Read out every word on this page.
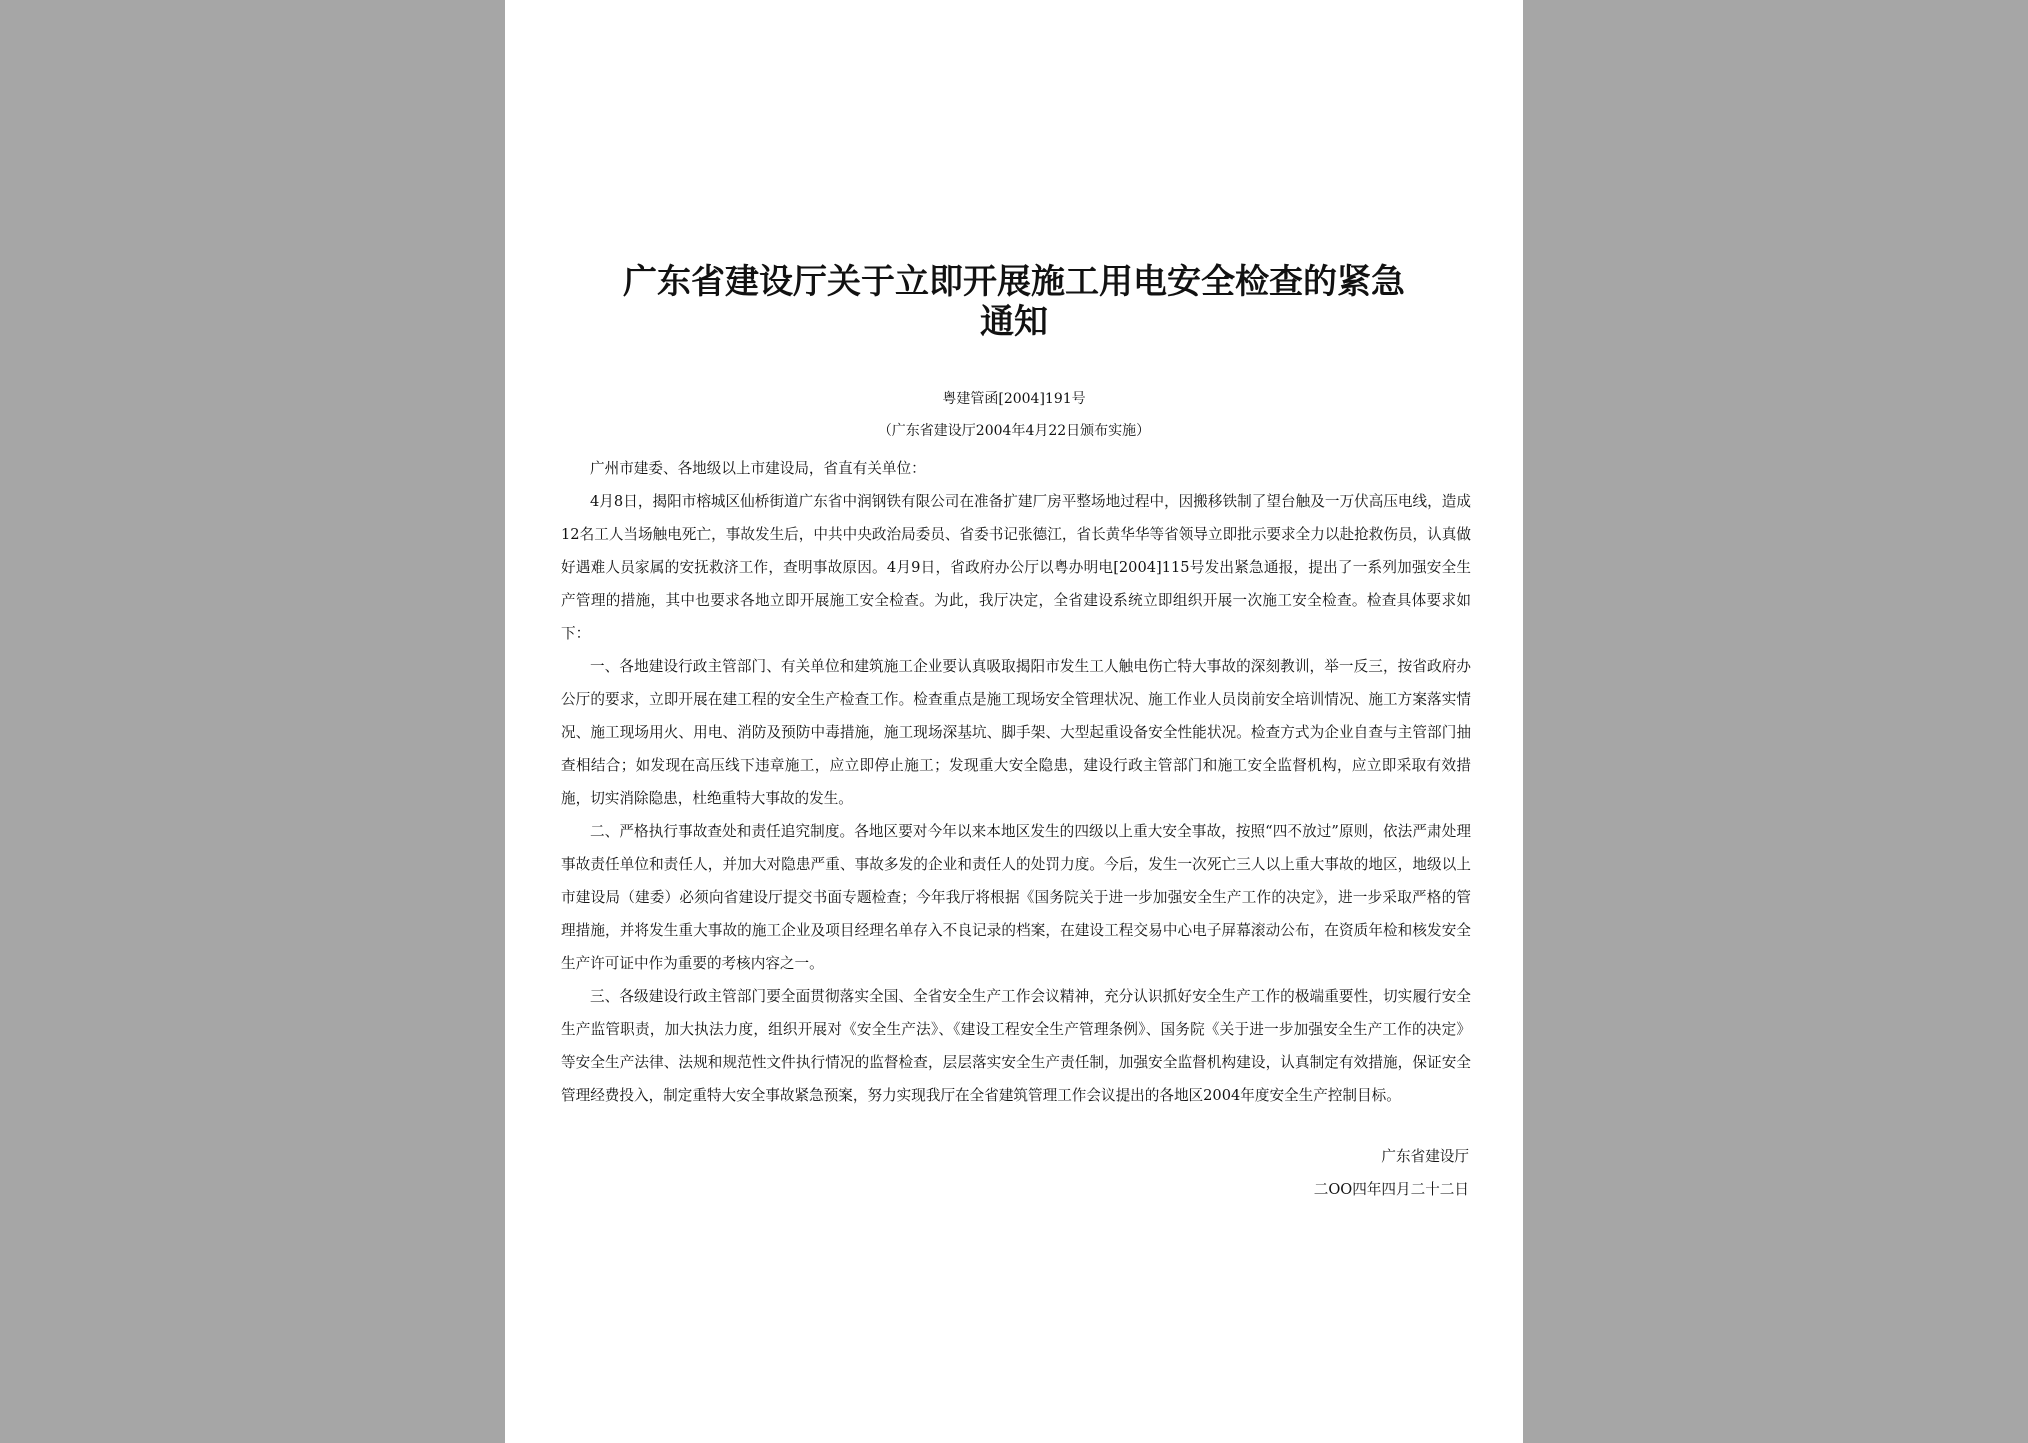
广东省建设厅关于立即开展施工用电安全检查的紧急
通知
粤建管函[2004]191号
（广东省建设厅2004年4月22日颁布实施）

广州市建委、各地级以上市建设局，省直有关单位：

4月8日，揭阳市榕城区仙桥街道广东省中润钢铁有限公司在准备扩建厂房平整场地过程中，因搬移铁制了望台触及一万伏高压电线，造成12名工人当场触电死亡，事故发生后，中共中央政治局委员、省委书记张德江，省长黄华华等省领导立即批示要求全力以赴抢救伤员，认真做好遇难人员家属的安抚救济工作，查明事故原因。4月9日，省政府办公厅以粤办明电[2004]115号发出紧急通报，提出了一系列加强安全生产管理的措施，其中也要求各地立即开展施工安全检查。为此，我厅决定，全省建设系统立即组织开展一次施工安全检查。检查具体要求如下：

一、各地建设行政主管部门、有关单位和建筑施工企业要认真吸取揭阳市发生工人触电伤亡特大事故的深刻教训，举一反三，按省政府办公厅的要求，立即开展在建工程的安全生产检查工作。检查重点是施工现场安全管理状况、施工作业人员岗前安全培训情况、施工方案落实情况、施工现场用火、用电、消防及预防中毒措施，施工现场深基坑、脚手架、大型起重设备安全性能状况。检查方式为企业自查与主管部门抽查相结合；如发现在高压线下违章施工，应立即停止施工；发现重大安全隐患，建设行政主管部门和施工安全监督机构，应立即采取有效措施，切实消除隐患，杜绝重特大事故的发生。

二、严格执行事故查处和责任追究制度。各地区要对今年以来本地区发生的四级以上重大安全事故，按照“四不放过”原则，依法严肃处理事故责任单位和责任人，并加大对隐患严重、事故多发的企业和责任人的处罚力度。今后，发生一次死亡三人以上重大事故的地区，地级以上市建设局（建委）必须向省建设厅提交书面专题检查；今年我厅将根据《国务院关于进一步加强安全生产工作的决定》，进一步采取严格的管理措施，并将发生重大事故的施工企业及项目经理名单存入不良记录的档案，在建设工程交易中心电子屏幕滚动公布，在资质年检和核发安全生产许可证中作为重要的考核内容之一。

三、各级建设行政主管部门要全面贯彻落实全国、全省安全生产工作会议精神，充分认识抓好安全生产工作的极端重要性，切实履行安全生产监管职责，加大执法力度，组织开展对《安全生产法》、《建设工程安全生产管理条例》、国务院《关于进一步加强安全生产工作的决定》等安全生产法律、法规和规范性文件执行情况的监督检查，层层落实安全生产责任制，加强安全监督机构建设，认真制定有效措施，保证安全管理经费投入，制定重特大安全事故紧急预案，努力实现我厅在全省建筑管理工作会议提出的各地区2004年度安全生产控制目标。

广东省建设厅
二OO四年四月二十二日
